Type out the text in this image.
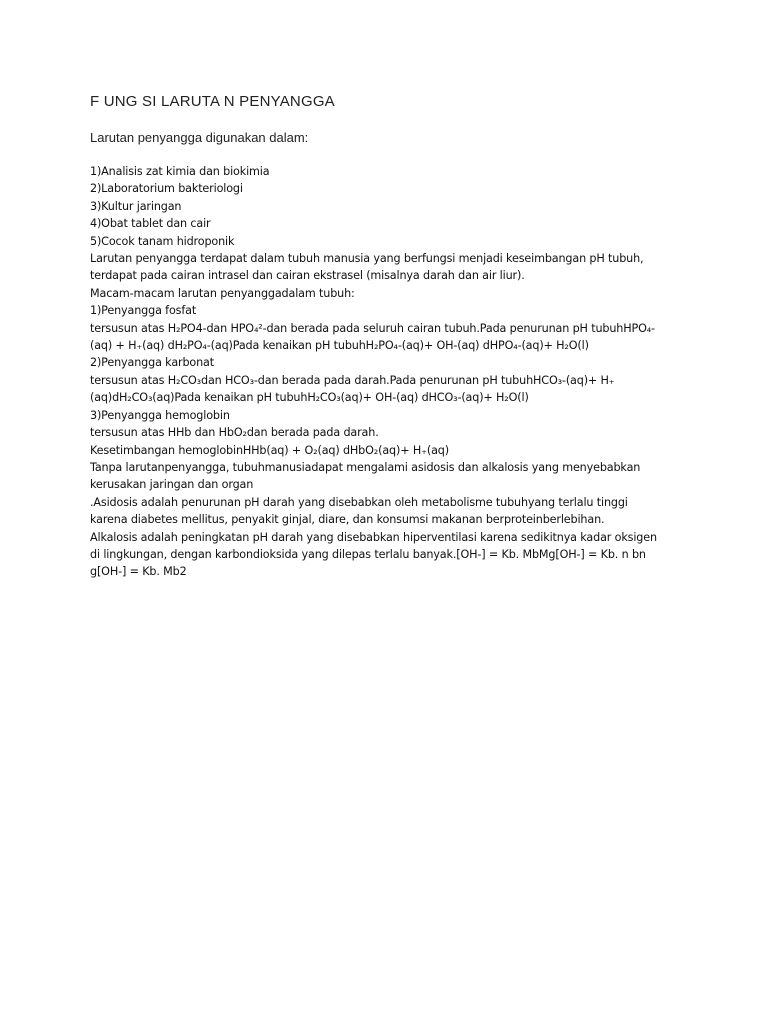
F UNG SI LARUTA N PENYANGGA

Larutan penyangga digunakan dalam:

1)Analisis zat kimia dan biokimia

2)Laboratorium bakteriologi

3)Kultur jaringan

4)Obat tablet dan cair

5)Cocok tanam hidroponik

Larutan penyangga terdapat dalam tubuh manusia yang berfungsi menjadi keseimbangan pH tubuh,

terdapat pada cairan intrasel dan cairan ekstrasel (misalnya darah dan air liur).

Macam-macam larutan penyanggadalam tubuh:

1)Penyangga fosfat

tersusun atas H₂PO4-dan HPO₄²-dan berada pada seluruh cairan tubuh.Pada penurunan pH tubuhHPO₄-

(aq) + H₊(aq) dH₂PO₄-(aq)Pada kenaikan pH tubuhH₂PO₄-(aq)+ OH-(aq) dHPO₄-(aq)+ H₂O(l)

2)Penyangga karbonat

tersusun atas H₂CO₃dan HCO₃-dan berada pada darah.Pada penurunan pH tubuhHCO₃-(aq)+ H₊

(aq)dH₂CO₃(aq)Pada kenaikan pH tubuhH₂CO₃(aq)+ OH-(aq) dHCO₃-(aq)+ H₂O(l)

3)Penyangga hemoglobin

tersusun atas HHb dan HbO₂dan berada pada darah.

Kesetimbangan hemoglobinHHb(aq) + O₂(aq) dHbO₂(aq)+ H₊(aq)

Tanpa larutanpenyangga, tubuhmanusiadapat mengalami asidosis dan alkalosis yang menyebabkan

kerusakan jaringan dan organ

.Asidosis adalah penurunan pH darah yang disebabkan oleh metabolisme tubuhyang terlalu tinggi

karena diabetes mellitus, penyakit ginjal, diare, dan konsumsi makanan berproteinberlebihan.

Alkalosis adalah peningkatan pH darah yang disebabkan hiperventilasi karena sedikitnya kadar oksigen

di lingkungan, dengan karbondioksida yang dilepas terlalu banyak.[OH-] = Kb. MbMg[OH-] = Kb. n bn

g[OH-] = Kb. Mb2
